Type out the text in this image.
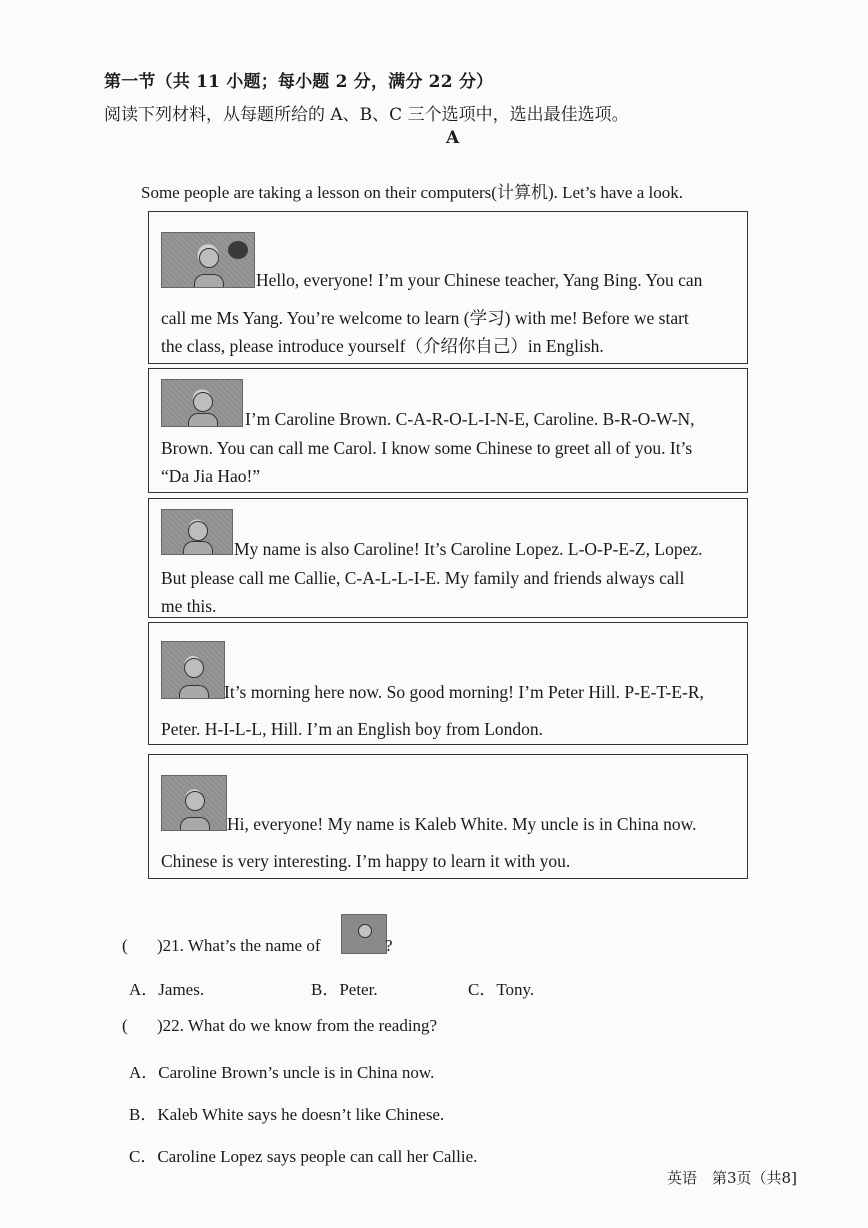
第一节（共 11 小题；每小题 2 分，满分 22 分）
阅读下列材料，从每题所给的 A、B、C 三个选项中，选出最佳选项。
A
Some people are taking a lesson on their computers(计算机). Let’s have a look.
Hello, everyone! I’m your Chinese teacher, Yang Bing. You can
call me Ms Yang. You’re welcome to learn (学习) with me! Before we start
the class, please introduce yourself（介绍你自己）in English.
I’m Caroline Brown. C-A-R-O-L-I-N-E, Caroline. B-R-O-W-N,
Brown. You can call me Carol. I know some Chinese to greet all of you. It’s
“Da Jia Hao!”
My name is also Caroline! It’s Caroline Lopez. L-O-P-E-Z, Lopez.
But please call me Callie, C-A-L-L-I-E. My family and friends always call
me this.
It’s morning here now. So good morning! I’m Peter Hill. P-E-T-E-R,
Peter. H-I-L-L, Hill. I’m an English boy from London.
Hi, everyone! My name is Kaleb White. My uncle is in China now.
Chinese is very interesting. I’m happy to learn it with you.
( )21. What’s the name of	?
A．James.	B．Peter.	C．Tony.
( )22. What do we know from the reading?
A．Caroline Brown’s uncle is in China now.
B．Kaleb White says he doesn’t like Chinese.
C．Caroline Lopez says people can call her Callie.
英语　第3页（共8]
